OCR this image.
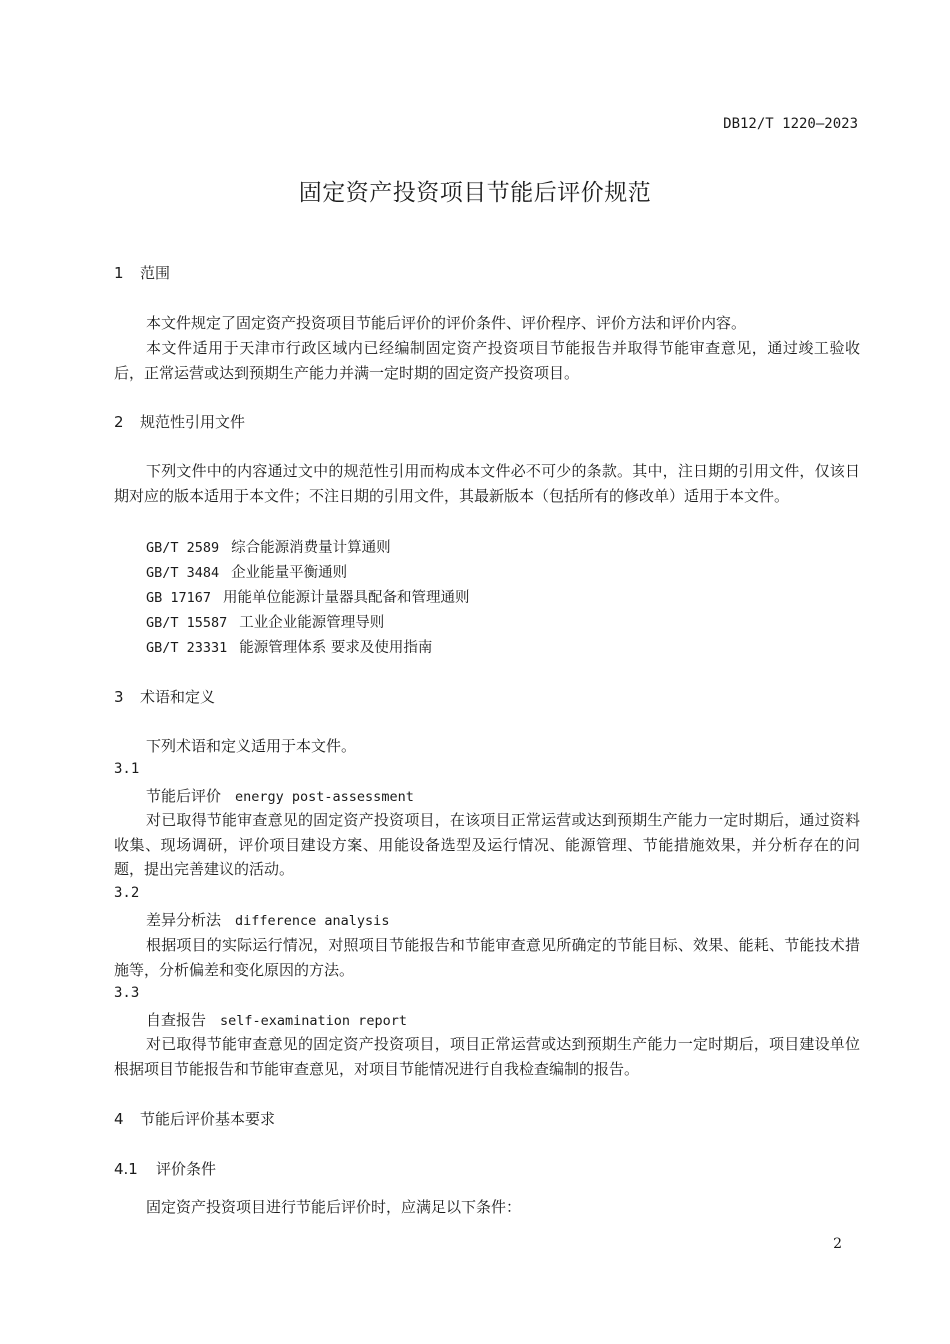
DB12/T 1220—2023
固定资产投资项目节能后评价规范
1 范围
本文件规定了固定资产投资项目节能后评价的评价条件、评价程序、评价方法和评价内容。
本文件适用于天津市行政区域内已经编制固定资产投资项目节能报告并取得节能审查意见，通过竣工验收后，正常运营或达到预期生产能力并满一定时期的固定资产投资项目。
2 规范性引用文件
下列文件中的内容通过文中的规范性引用而构成本文件必不可少的条款。其中，注日期的引用文件，仅该日期对应的版本适用于本文件；不注日期的引用文件，其最新版本（包括所有的修改单）适用于本文件。
GB/T 2589 综合能源消费量计算通则
GB/T 3484 企业能量平衡通则
GB 17167 用能单位能源计量器具配备和管理通则
GB/T 15587 工业企业能源管理导则
GB/T 23331 能源管理体系 要求及使用指南
3 术语和定义
下列术语和定义适用于本文件。
3.1
节能后评价 energy post-assessment
对已取得节能审查意见的固定资产投资项目，在该项目正常运营或达到预期生产能力一定时期后，通过资料收集、现场调研，评价项目建设方案、用能设备选型及运行情况、能源管理、节能措施效果，并分析存在的问题，提出完善建议的活动。
3.2
差异分析法 difference analysis
根据项目的实际运行情况，对照项目节能报告和节能审查意见所确定的节能目标、效果、能耗、节能技术措施等，分析偏差和变化原因的方法。
3.3
自查报告 self-examination report
对已取得节能审查意见的固定资产投资项目，项目正常运营或达到预期生产能力一定时期后，项目建设单位根据项目节能报告和节能审查意见，对项目节能情况进行自我检查编制的报告。
4 节能后评价基本要求
4.1 评价条件
固定资产投资项目进行节能后评价时，应满足以下条件：
2
